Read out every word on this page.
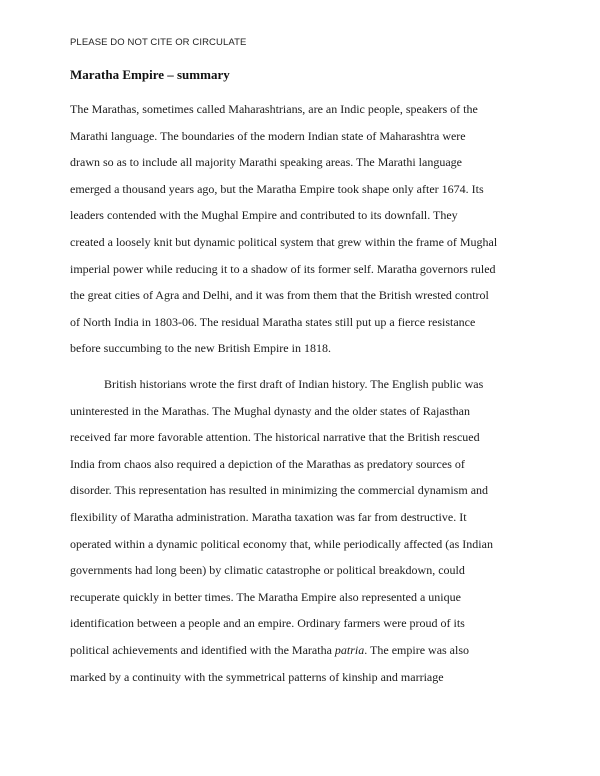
PLEASE DO NOT CITE OR CIRCULATE
Maratha Empire – summary
The Marathas, sometimes called Maharashtrians, are an Indic people, speakers of the
Marathi language. The boundaries of the modern Indian state of Maharashtra were
drawn so as to include all majority Marathi speaking areas. The Marathi language
emerged a thousand years ago, but the Maratha Empire took shape only after 1674. Its
leaders contended with the Mughal Empire and contributed to its downfall. They
created a loosely knit but dynamic political system that grew within the frame of Mughal
imperial power while reducing it to a shadow of its former self. Maratha governors ruled
the great cities of Agra and Delhi, and it was from them that the British wrested control
of North India in 1803-06. The residual Maratha states still put up a fierce resistance
before succumbing to the new British Empire in 1818.
British historians wrote the first draft of Indian history. The English public was
uninterested in the Marathas. The Mughal dynasty and the older states of Rajasthan
received far more favorable attention. The historical narrative that the British rescued
India from chaos also required a depiction of the Marathas as predatory sources of
disorder. This representation has resulted in minimizing the commercial dynamism and
flexibility of Maratha administration. Maratha taxation was far from destructive. It
operated within a dynamic political economy that, while periodically affected (as Indian
governments had long been) by climatic catastrophe or political breakdown, could
recuperate quickly in better times. The Maratha Empire also represented a unique
identification between a people and an empire. Ordinary farmers were proud of its
political achievements and identified with the Maratha patria. The empire was also
marked by a continuity with the symmetrical patterns of kinship and marriage
